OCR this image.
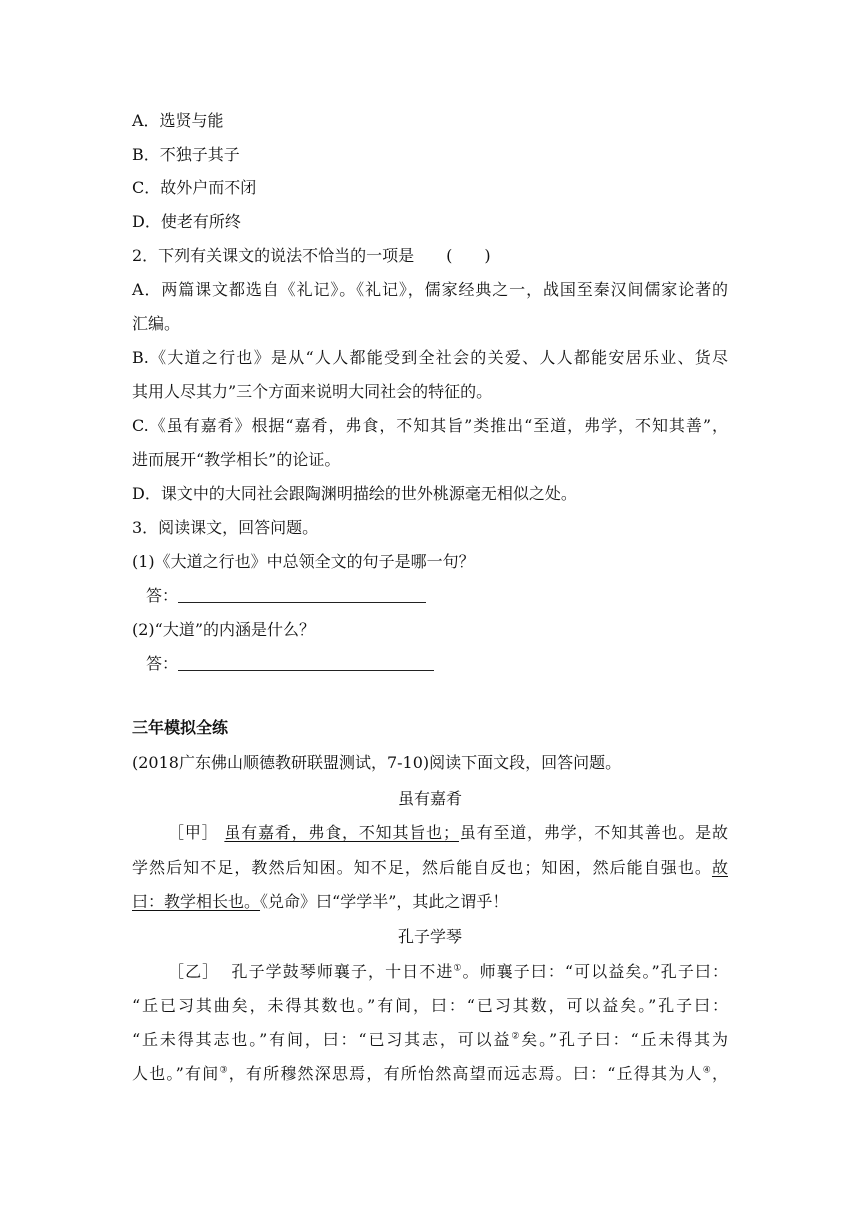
A．选贤与能
B．不独子其子
C．故外户而不闭
D．使老有所终
2．下列有关课文的说法不恰当的一项是　　(　　)
A．两篇课文都选自《礼记》。《礼记》，儒家经典之一，战国至秦汉间儒家论著的
汇编。
B.《大道之行也》是从“人人都能受到全社会的关爱、人人都能安居乐业、货尽
其用人尽其力”三个方面来说明大同社会的特征的。
C.《虽有嘉肴》根据“嘉肴，弗食，不知其旨”类推出“至道，弗学，不知其善”，
进而展开“教学相长”的论证。
D．课文中的大同社会跟陶渊明描绘的世外桃源毫无相似之处。
3．阅读课文，回答问题。
(1)《大道之行也》中总领全文的句子是哪一句？
答：
(2)“大道”的内涵是什么？
答：
三年模拟全练
(2018广东佛山顺德教研联盟测试，7-10)阅读下面文段，回答问题。
虽有嘉肴
［甲］ 虽有嘉肴，弗食，不知其旨也；虽有至道，弗学，不知其善也。是故
学然后知不足，教然后知困。知不足，然后能自反也；知困，然后能自强也。故
曰：教学相长也。《兑命》曰“学学半”，其此之谓乎！
孔子学琴
［乙］ 孔子学鼓琴师襄子，十日不进①。师襄子曰：“可以益矣。”孔子曰：
“丘已习其曲矣，未得其数也。”有间，曰：“已习其数，可以益矣。”孔子曰：
“丘未得其志也。”有间，曰：“已习其志，可以益②矣。”孔子曰：“丘未得其为
人也。”有间③，有所穆然深思焉，有所怡然高望而远志焉。曰：“丘得其为人④，
